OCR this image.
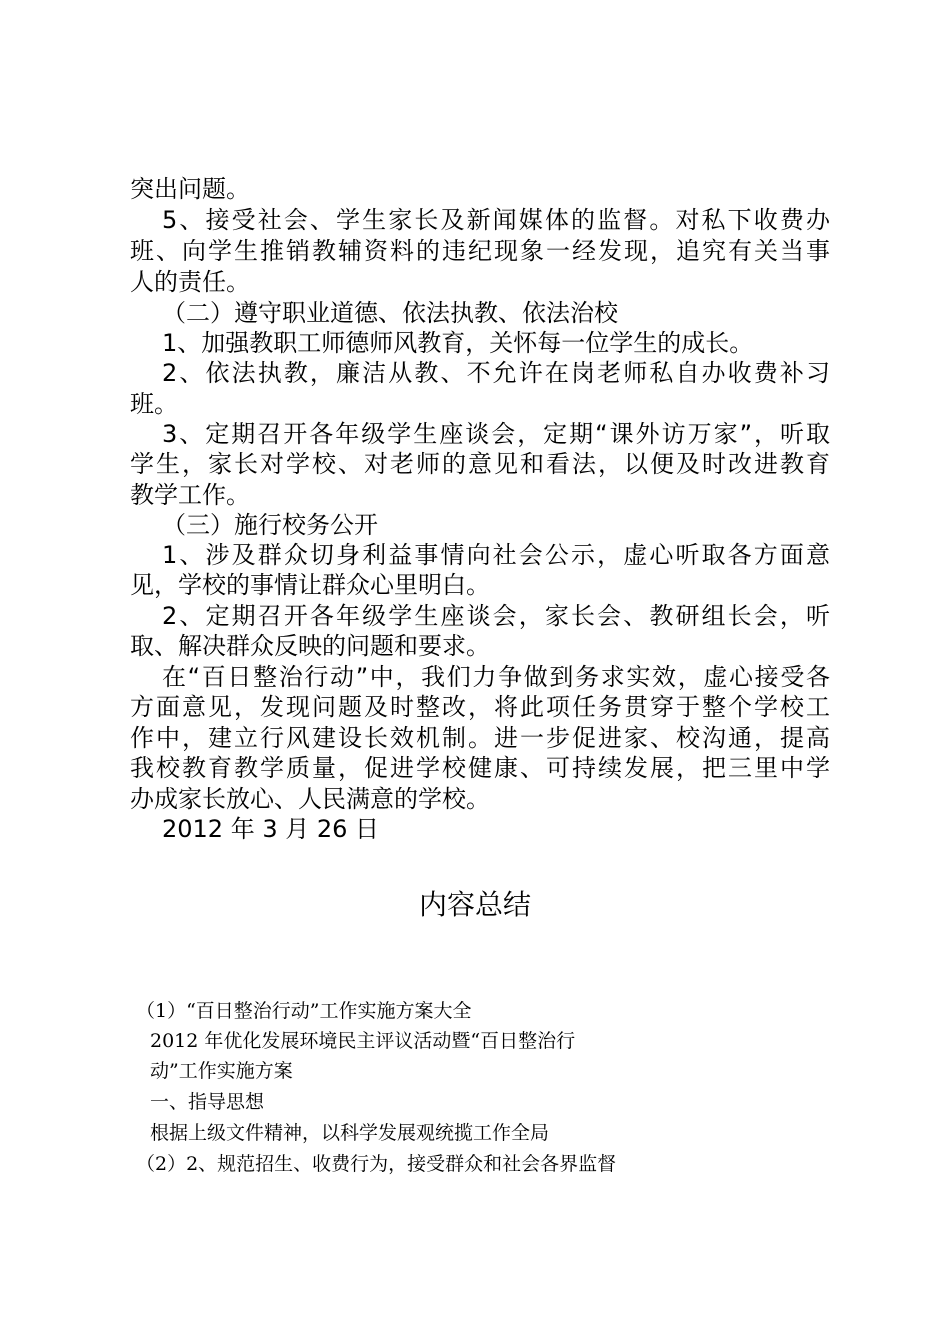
突出问题。
5、接受社会、学生家长及新闻媒体的监督。对私下收费办
班、向学生推销教辅资料的违纪现象一经发现，追究有关当事
人的责任。
（二）遵守职业道德、依法执教、依法治校
1、加强教职工师德师风教育，关怀每一位学生的成长。
2、依法执教，廉洁从教、不允许在岗老师私自办收费补习
班。
3、定期召开各年级学生座谈会，定期“课外访万家”，听取
学生，家长对学校、对老师的意见和看法，以便及时改进教育
教学工作。
（三）施行校务公开
1、涉及群众切身利益事情向社会公示，虚心听取各方面意
见，学校的事情让群众心里明白。
2、定期召开各年级学生座谈会，家长会、教研组长会，听
取、解决群众反映的问题和要求。
在“百日整治行动”中，我们力争做到务求实效，虚心接受各
方面意见，发现问题及时整改，将此项任务贯穿于整个学校工
作中，建立行风建设长效机制。进一步促进家、校沟通，提高
我校教育教学质量，促进学校健康、可持续发展，把三里中学
办成家长放心、人民满意的学校。
2012 年 3 月 26 日
内容总结
（1）“百日整治行动”工作实施方案大全
2012 年优化发展环境民主评议活动暨“百日整治行
动”工作实施方案
一、指导思想
根据上级文件精神，以科学发展观统揽工作全局
（2）2、规范招生、收费行为，接受群众和社会各界监督
